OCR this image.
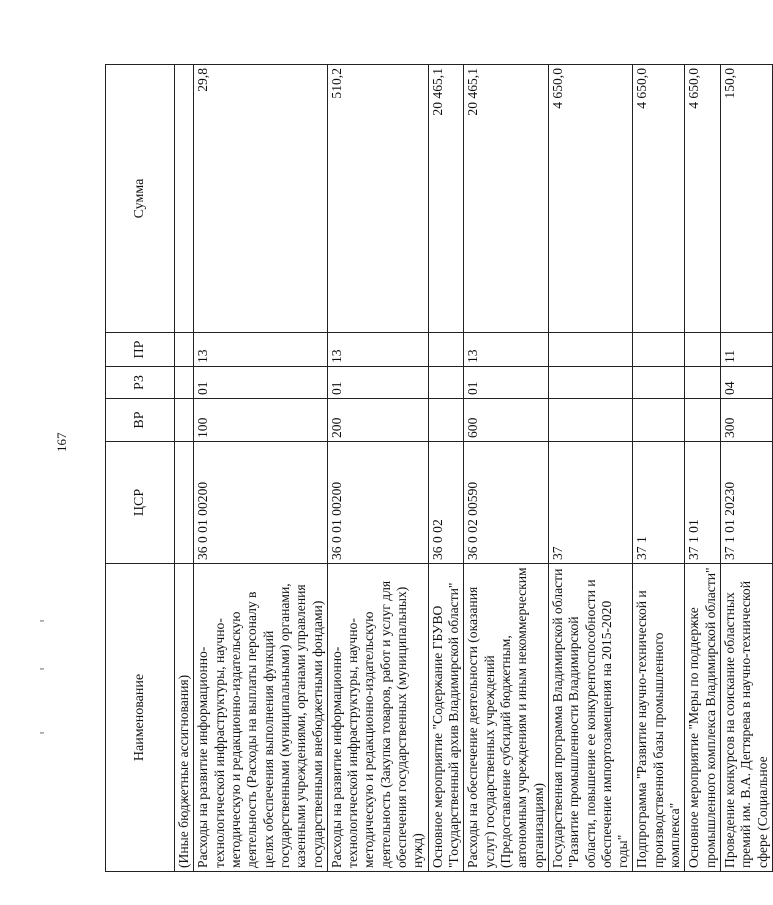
167
Наименование	ЦСР	ВР	РЗ	ПР	Сумма
(Иные бюджетные ассигнования)					
Расходы на развитие информационно-технологической инфраструктуры, научно-методическую и редакционно-издательскую деятельность (Расходы на выплаты персоналу в целях обеспечения выполнения функций государственными (муниципальными) органами, казенными учреждениями, органами управления государственными внебюджетными фондами)	36 0 01 00200	100	01	13	29,8
Расходы на развитие информационно-технологической инфраструктуры, научно-методическую и редакционно-издательскую деятельность (Закупка товаров, работ и услуг для обеспечения государственных (муниципальных) нужд)	36 0 01 00200	200	01	13	510,2
Основное мероприятие "Содержание ГБУВО "Государственный архив Владимирской области"	36 0 02				20 465,1
Расходы на обеспечение деятельности (оказания услуг) государственных учреждений (Предоставление субсидий бюджетным, автономным учреждениям и иным некоммерческим организациям)	36 0 02 00590	600	01	13	20 465,1
Государственная программа Владимирской области "Развитие промышленности Владимирской области, повышение ее конкурентоспособности и обеспечение импортозамещения на 2015-2020 годы"	37				4 650,0
Подпрограмма "Развитие научно-технической и производственной базы промышленного комплекса"	37 1				4 650,0
Основное мероприятие "Меры по поддержке промышленного комплекса Владимирской области"	37 1 01				4 650,0
Проведение конкурсов на соискание областных премий им. В.А. Дегтярева в научно-технической сфере (Социальное	37 1 01 20230	300	04	11	150,0
